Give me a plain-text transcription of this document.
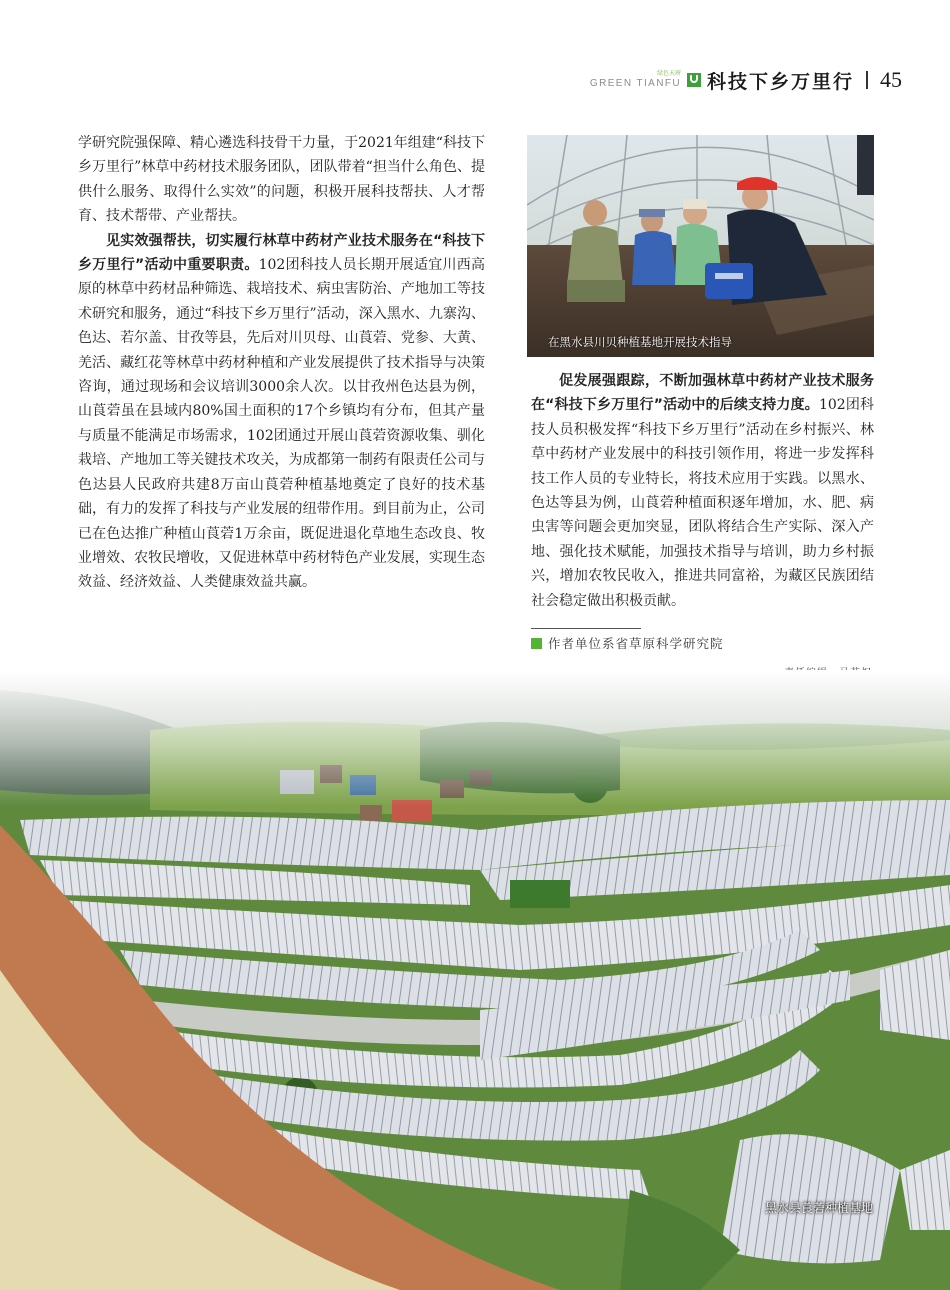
绿色天府
GREEN TIANFU 科技下乡万里行 45

学研究院强保障、精心遴选科技骨干力量，于2021年组建“科技下乡万里行”林草中药材技术服务团队，团队带着“担当什么角色、提供什么服务、取得什么实效”的问题，积极开展科技帮扶、人才帮育、技术帮带、产业帮扶。

见实效强帮扶，切实履行林草中药材产业技术服务在“科技下乡万里行”活动中重要职责。102团科技人员长期开展适宜川西高原的林草中药材品种筛选、栽培技术、病虫害防治、产地加工等技术研究和服务，通过“科技下乡万里行”活动，深入黑水、九寨沟、色达、若尔盖、甘孜等县，先后对川贝母、山莨菪、党参、大黄、羌活、藏红花等林草中药材种植和产业发展提供了技术指导与决策咨询，通过现场和会议培训3000余人次。以甘孜州色达县为例，山莨菪虽在县域内80%国土面积的17个乡镇均有分布，但其产量与质量不能满足市场需求，102团通过开展山莨菪资源收集、驯化栽培、产地加工等关键技术攻关，为成都第一制药有限责任公司与色达县人民政府共建8万亩山莨菪种植基地奠定了良好的技术基础，有力的发挥了科技与产业发展的纽带作用。到目前为止，公司已在色达推广种植山莨菪1万余亩，既促进退化草地生态改良、牧业增效、农牧民增收，又促进林草中药材特色产业发展，实现生态效益、经济效益、人类健康效益共赢。

在黑水县川贝种植基地开展技术指导

促发展强跟踪，不断加强林草中药材产业技术服务在“科技下乡万里行”活动中的后续支持力度。102团科技人员积极发挥“科技下乡万里行”活动在乡村振兴、林草中药材产业发展中的科技引领作用，将进一步发挥科技工作人员的专业特长，将技术应用于实践。以黑水、色达等县为例，山莨菪种植面积逐年增加，水、肥、病虫害等问题会更加突显，团队将结合生产实际、深入产地、强化技术赋能，加强技术指导与培训，助力乡村振兴，增加农牧民收入，推进共同富裕，为藏区民族团结社会稳定做出积极贡献。

作者单位系省草原科学研究院
黑水县莨菪种植基地
